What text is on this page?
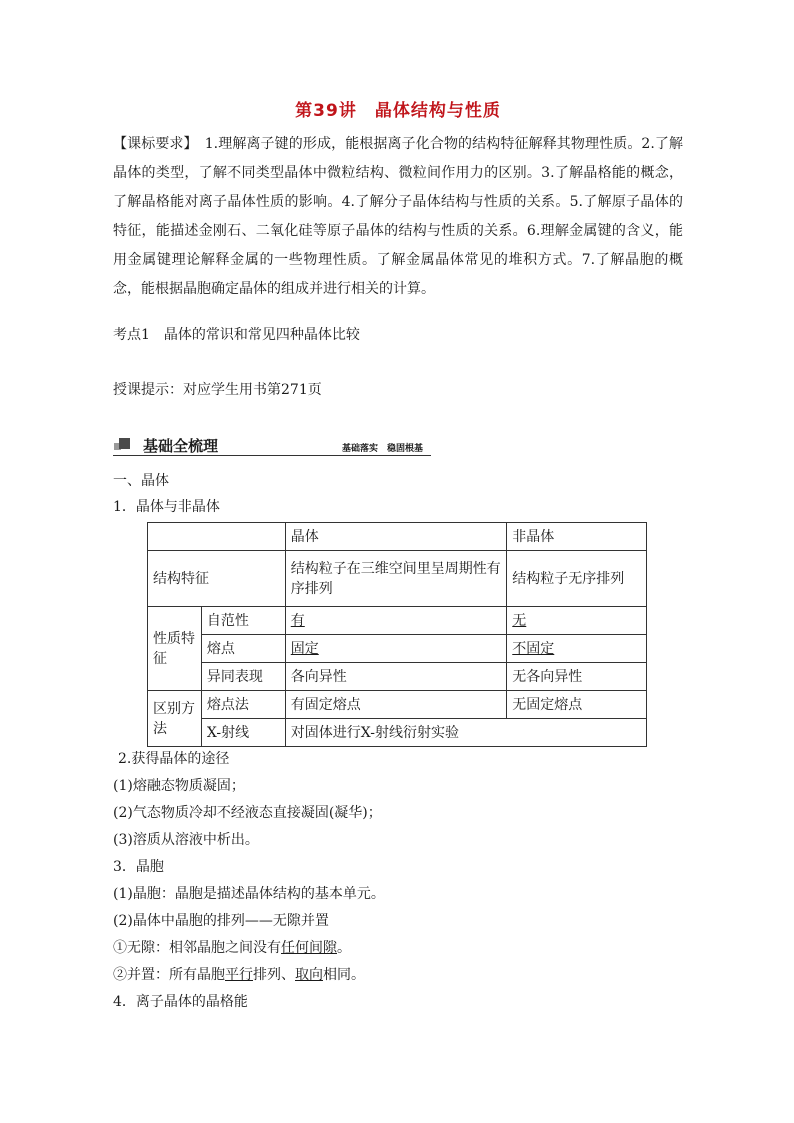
第39讲　晶体结构与性质
【课标要求】　1.理解离子键的形成，能根据离子化合物的结构特征解释其物理性质。2.了解晶体的类型，了解不同类型晶体中微粒结构、微粒间作用力的区别。3.了解晶格能的概念，了解晶格能对离子晶体性质的影响。4.了解分子晶体结构与性质的关系。5.了解原子晶体的特征，能描述金刚石、二氧化硅等原子晶体的结构与性质的关系。6.理解金属键的含义，能用金属键理论解释金属的一些物理性质。了解金属晶体常见的堆积方式。7.了解晶胞的概念，能根据晶胞确定晶体的组成并进行相关的计算。
考点1　晶体的常识和常见四种晶体比较
授课提示：对应学生用书第271页
基础全梳理	基础落实　稳固根基
一、晶体
1．晶体与非晶体
		晶体	非晶体
结构特征		结构粒子在三维空间里呈周期性有序排列	结构粒子无序排列
性质特征	自范性	有	无
	熔点	固定	不固定
	异同表现	各向异性	无各向异性
区别方法	熔点法	有固定熔点	无固定熔点
	X-射线	对固体进行X-射线衍射实验	
2.获得晶体的途径
(1)熔融态物质凝固；
(2)气态物质冷却不经液态直接凝固(凝华)；
(3)溶质从溶液中析出。
3．晶胞
(1)晶胞：晶胞是描述晶体结构的基本单元。
(2)晶体中晶胞的排列——无隙并置
①无隙：相邻晶胞之间没有任何间隙。
②并置：所有晶胞平行排列、取向相同。
4．离子晶体的晶格能
